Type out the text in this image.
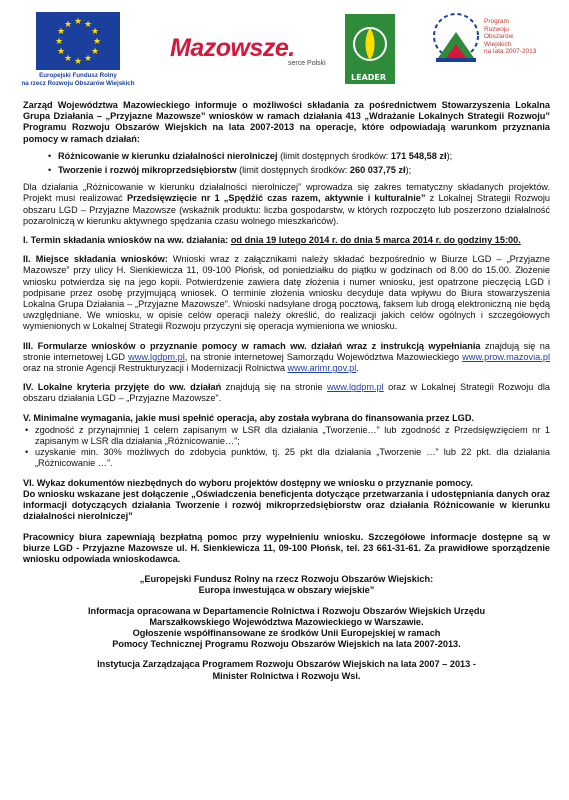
★ ★
★
★
★
★
★
★
★
★
★
★
Europejski Fundusz Rolny
na rzecz Rozwoju Obszarów Wiejskich
Mazowsze.
serce Polski
LEADER
Program
Rozwoju
Obszarów
Wiejskich
na lata 2007-2013

Zarząd Województwa Mazowieckiego informuje o możliwości składania za pośrednictwem Stowarzyszenia Lokalna Grupa Działania – „Przyjazne Mazowsze” wniosków w ramach działania 413 „Wdrażanie Lokalnych Strategii Rozwoju” Programu Rozwoju Obszarów Wiejskich na lata 2007-2013 na operacje, które odpowiadają warunkom przyznania pomocy w ramach działań:

• Różnicowanie w kierunku działalności nierolniczej (limit dostępnych środków: 171 548,58 zł);
• Tworzenie i rozwój mikroprzedsiębiorstw (limit dostępnych środków: 260 037,75 zł);

Dla działania „Różnicowanie w kierunku działalności nierolniczej” wprowadza się zakres tematyczny składanych projektów. Projekt musi realizować Przedsięwzięcie nr 1 „Spędźić czas razem, aktywnie i kulturalnie” z Lokalnej Strategii Rozwoju obszaru LGD – Przyjazne Mazowsze (wskaźnik produktu: liczba gospodarstw, w których rozpoczęto lub poszerzono działalność pozarolniczą w kierunku aktywnego spędzania czasu wolnego mieszkańców).

I. Termin składania wniosków na ww. działania: od dnia 19 lutego 2014 r. do dnia 5 marca 2014 r. do godziny 15:00.

II. Miejsce składania wniosków: Wnioski wraz z załącznikami należy składać bezpośrednio w Biurze LGD – „Przyjazne Mazowsze” przy ulicy H. Sienkiewicza 11, 09-100 Płońsk, od poniedziałku do piątku w godzinach od 8.00 do 15.00. Złożenie wniosku potwierdza się na jego kopii. Potwierdzenie zawiera datę złożenia i numer wniosku, jest opatrzone pieczęcią LGD i podpisane przez osobę przyjmującą wniosek. O terminie złożenia wniosku decyduje data wpływu do Biura stowarzyszenia Lokalna Grupa Działania – „Przyjazne Mazowsze”. Wnioski nadsyłane drogą pocztową, faksem lub drogą elektroniczną nie będą uwzględniane. We wniosku, w opisie celów operacji należy określić, do realizacji jakich celów ogólnych i szczegółowych wymienionych w Lokalnej Strategii Rozwoju przyczyni się operacja wymieniona we wniosku.

III. Formularze wniosków o przyznanie pomocy w ramach ww. działań wraz z instrukcją wypełniania znajdują się na stronie internetowej LGD www.lgdpm.pl, na stronie internetowej Samorządu Województwa Mazowieckiego www.prow.mazovia.pl oraz na stronie Agencji Restrukturyzacji i Modernizacji Rolnictwa www.arimr.gov.pl.

IV. Lokalne kryteria przyjęte do ww. działań znajdują się na stronie www.lgdpm.pl oraz w Lokalnej Strategii Rozwoju dla obszaru działania LGD – „Przyjazne Mazowsze”.

V. Minimalne wymagania, jakie musi spełnić operacja, aby została wybrana do finansowania przez LGD.

• zgodność z przynajmniej 1 celem zapisanym w LSR dla działania „Tworzenie…” lub zgodność z Przedsięwzięciem nr 1 zapisanym w LSR dla działania „Różnicowanie…”;
• uzyskanie min. 30% możliwych do zdobycia punktów, tj. 25 pkt dla działania „Tworzenie …” lub 22 pkt. dla działania „Różnicowanie …”.

VI. Wykaz dokumentów niezbędnych do wyboru projektów dostępny we wniosku o przyznanie pomocy.

Do wniosku wskazane jest dołączenie „Oświadczenia beneficjenta dotyczące przetwarzania i udostępniania danych oraz informacji dotyczących działania Tworzenie i rozwój mikroprzedsiębiorstw oraz działania Różnicowanie w kierunku działalności nierolniczej”

Pracownicy biura zapewniają bezpłatną pomoc przy wypełnieniu wniosku. Szczegółowe informacje dostępne są w biurze LGD - Przyjazne Mazowsze ul. H. Sienkiewicza 11, 09-100 Płońsk, tel. 23 661-31-61. Za prawidłowe sporządzenie wniosku odpowiada wnioskodawca.

„Europejski Fundusz Rolny na rzecz Rozwoju Obszarów Wiejskich:
Europa inwestująca w obszary wiejskie”
Informacja opracowana w Departamencie Rolnictwa i Rozwoju Obszarów Wiejskich Urzędu
Marszałkowskiego Województwa Mazowieckiego w Warszawie.
Ogłoszenie współfinansowane ze środków Unii Europejskiej w ramach
Pomocy Technicznej Programu Rozwoju Obszarów Wiejskich na lata 2007-2013.
Instytucja Zarządzająca Programem Rozwoju Obszarów Wiejskich na lata 2007 – 2013 -
Minister Rolnictwa i Rozwoju Wsi.
